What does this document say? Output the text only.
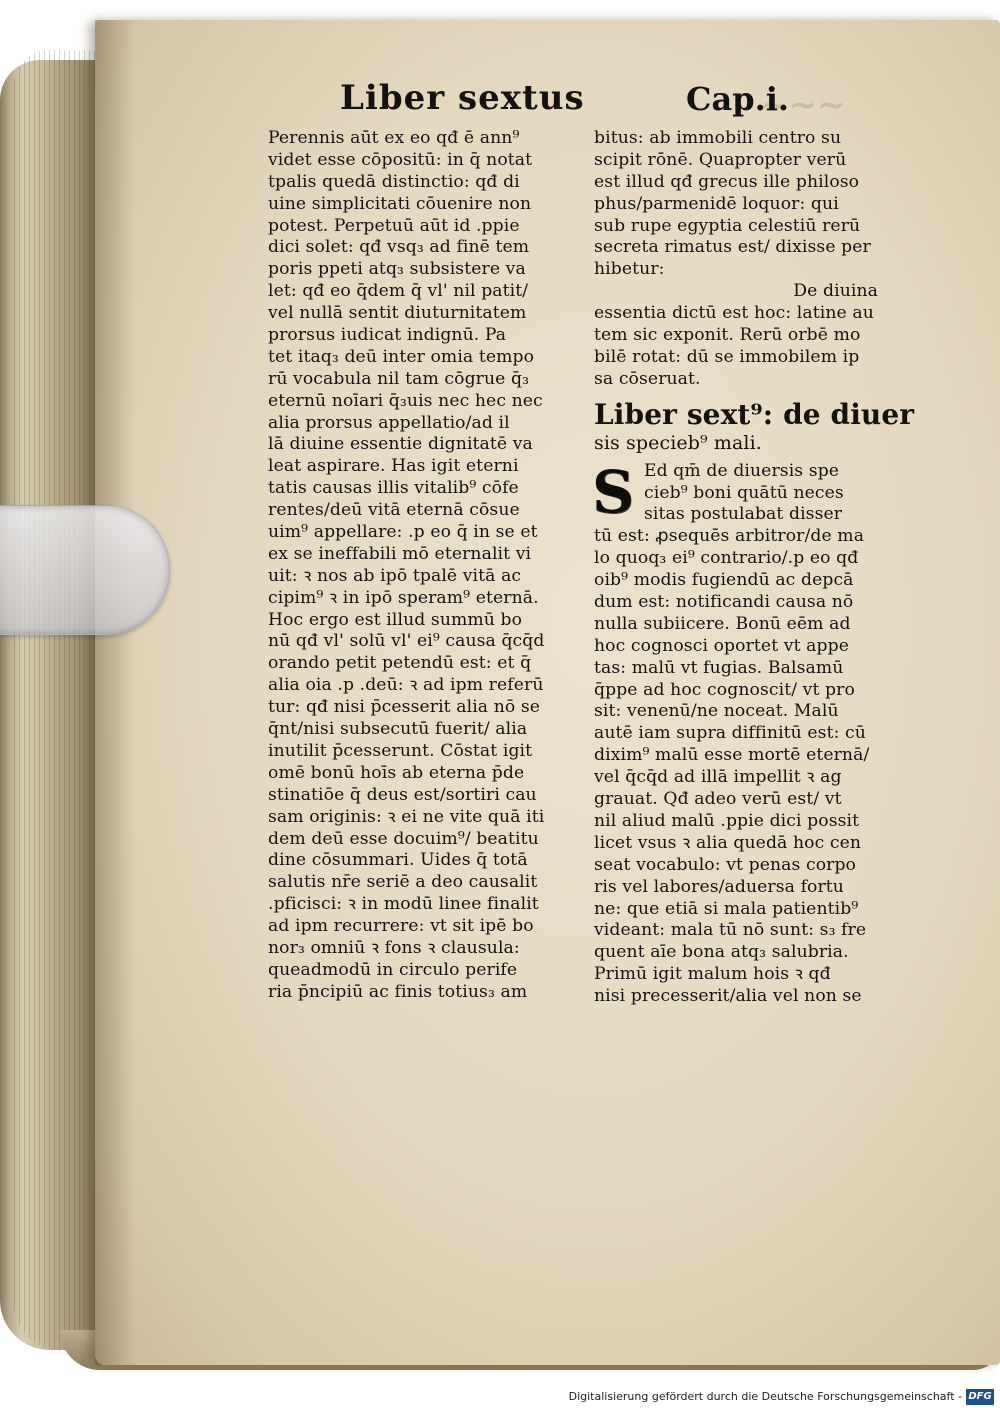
~~~
Liber sextus	Cap.i.
Perennis aūt ex eo qđ ē ann⁹
videt esse cōpositū: in q̄ notat
tpalis quedā distinctio: qđ di
uine simplicitati cōuenire non
potest. Perpetuū aūt id .ppie
dici solet: qđ vsq₃ ad finē tem
poris ppeti atq₃ subsistere va
let: qđ eo q̄dem q̄ vl' nil patit/
vel nullā sentit diuturnitatem
prorsus iudicat indignū. Pa
tet itaq₃ deū inter omia tempo
rū vocabula nil tam cōgrue q̄₃
eternū noīari q̄₃uis nec hec nec
alia prorsus appellatio/ad il
lā diuine essentie dignitatē va
leat aspirare. Has igit eterni
tatis causas illis vitalib⁹ cōfe
rentes/deū vitā eternā cōsue
uim⁹ appellare: .p eo q̄ in se et
ex se ineffabili mō eternalit vi
uit: ꝛ nos ab ipō tpalē vitā ac
cipim⁹ ꝛ in ipō speram⁹ eternā.
Hoc ergo est illud summū bo
nū qđ vl' solū vl' ei⁹ causa q̄cq̄d
orando petit petendū est: et q̄
alia oia .p .deū: ꝛ ad ipm referū
tur: qđ nisi p̄cesserit alia nō se
q̄nt/nisi subsecutū fuerit/ alia
inutilit p̄cesserunt. Cōstat igit
omē bonū hoīs ab eterna p̄de
stinatiōe q̄ deus est/sortiri cau
sam originis: ꝛ ei ne vite quā iti
dem deū esse docuim⁹/ beatitu
dine cōsummari. Uides q̄ totā
salutis nr̄e seriē a deo causalit
.pficisci: ꝛ in modū linee finalit
ad ipm recurrere: vt sit ipē bo
nor₃ omniū ꝛ fons ꝛ clausula:
queadmodū in circulo perife
ria p̄ncipiū ac finis totius₃ am
bitus: ab immobili centro su
scipit rōnē. Quapropter verū
est illud qđ grecus ille philoso
phus/parmenidē loquor: qui
sub rupe egyptia celestiū rerū
secreta rimatus est/ dixisse per
hibetur:
De diuina
essentia dictū est hoc: latine au
tem sic exponit. Rerū orbē mo
bilē rotat: dū se immobilem ip
sa cōseruat.
Liber sext⁹: de diuer
sis specieb⁹ mali.
S Ed qm̄ de diuersis spe
cieb⁹ boni quātū neces
sitas postulabat disser
tū est: ꝓsequēs arbitror/de ma
lo quoq₃ ei⁹ contrario/.p eo qđ
oib⁹ modis fugiendū ac depcā
dum est: notificandi causa nō
nulla subiicere. Bonū eēm ad
hoc cognosci oportet vt appe
tas: malū vt fugias. Balsamū
q̄ppe ad hoc cognoscit/ vt pro
sit: venenū/ne noceat. Malū
autē iam supra diffinitū est: cū
dixim⁹ malū esse mortē eternā/
vel q̄cq̄d ad illā impellit ꝛ ag
grauat. Qđ adeo verū est/ vt
nil aliud malū .ppie dici possit
licet vsus ꝛ alia quedā hoc cen
seat vocabulo: vt penas corpo
ris vel labores/aduersa fortu
ne: que etiā si mala patientib⁹
videant: mala tū nō sunt: s₃ fre
quent aīe bona atq₃ salubria.
Primū igit malum hois ꝛ qđ
nisi precesserit/alia vel non se
Digitalisierung gefördert durch die Deutsche Forschungsgemeinschaft - DFG
